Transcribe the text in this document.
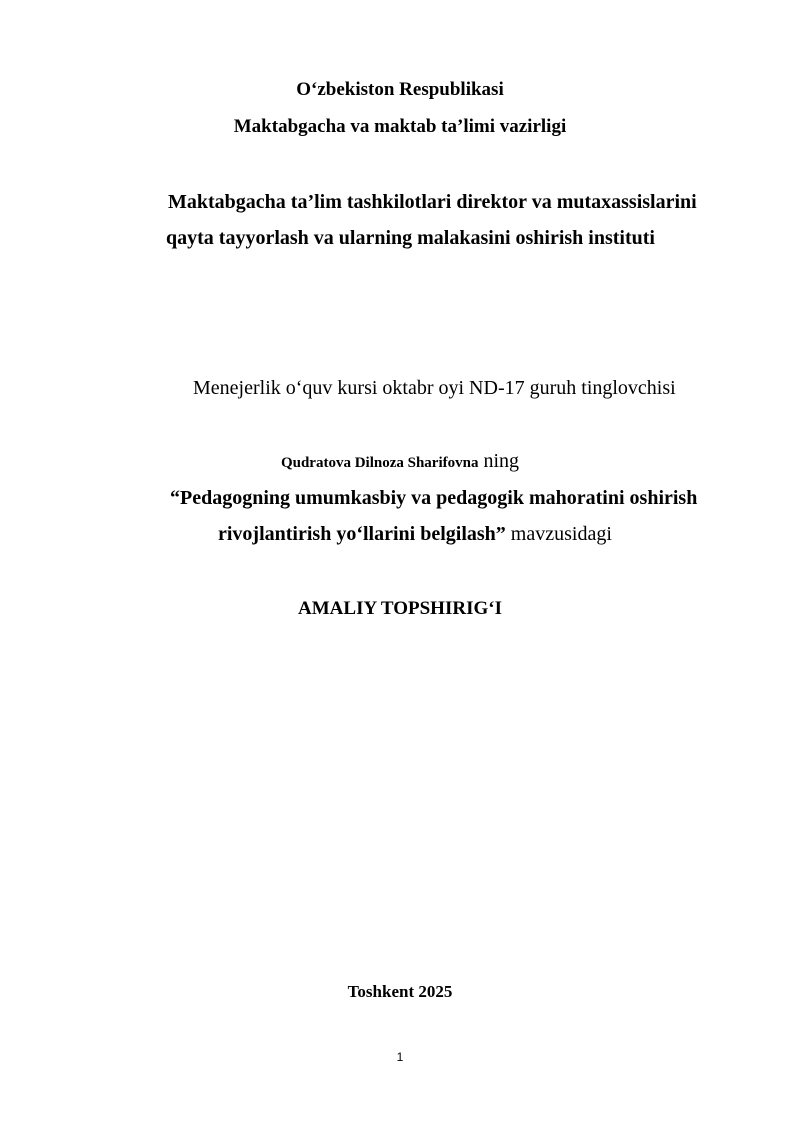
O‘zbekiston Respublikasi
Maktabgacha va maktab ta’limi vazirligi
Maktabgacha ta’lim tashkilotlari direktor va mutaxassislarini
qayta tayyorlash va ularning malakasini oshirish instituti
Menejerlik o‘quv kursi oktabr oyi ND-17 guruh tinglovchisi
Qudratova Dilnoza Sharifovna ning
“Pedagogning umumkasbiy va pedagogik mahoratini oshirish
rivojlantirish yo‘llarini belgilash” mavzusidagi
AMALIY TOPSHIRIG‘I
Toshkent 2025
1
